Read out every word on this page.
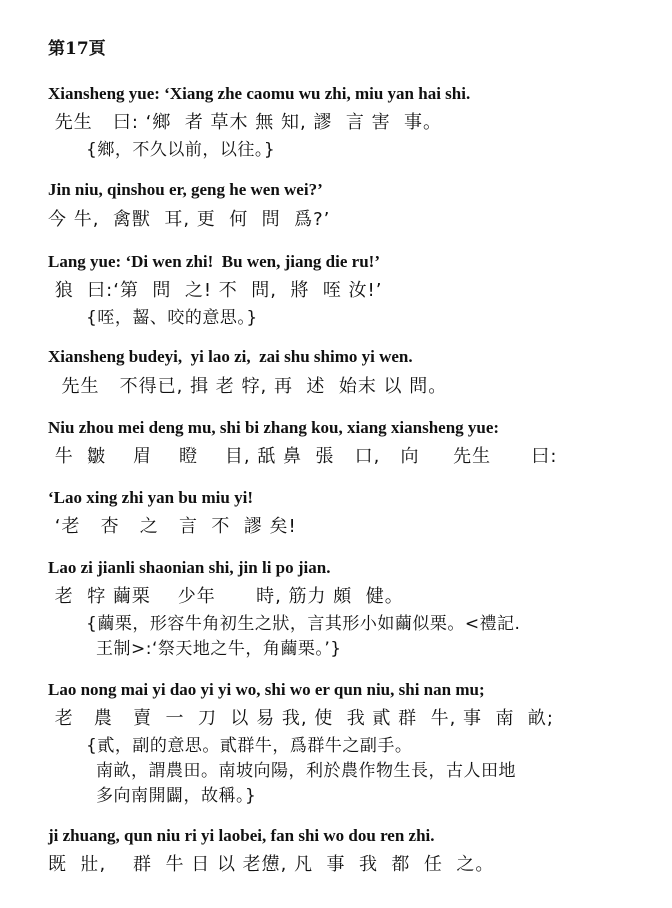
第17頁
Xiansheng yue: ‘Xiang zhe caomu wu zhi, miu yan hai shi.
先生   曰: ‘鄉  者 草木 無 知, 謬  言 害  事。
{鄉，不久以前，以往。}
Jin niu, qinshou er, geng he wen wei?’
今 牛,  禽獸  耳, 更  何  問  爲?’
Lang yue: ‘Di wen zhi!  Bu wen, jiang die ru!’
狼  曰:‘第  問  之! 不  問,  將  咥 汝!’
{咥，齧、咬的意思。}
Xiansheng budeyi,  yi lao zi,  zai shu shimo yi wen.
先生   不得已, 揖 老 牸, 再  述  始末 以 問。
Niu zhou mei deng mu, shi bi zhang kou, xiang xiansheng yue:
牛  皺    眉    瞪    目, 舐 鼻  張   口,   向     先生      曰:
‘Lao xing zhi yan bu miu yi!
‘老   杏   之   言  不  謬 矣!
Lao zi jianli shaonian shi, jin li po jian.
老  牸 繭栗    少年      時, 筋力 頗  健。
{繭栗，形容牛角初生之狀，言其形小如繭似栗。<禮記.
王制>:‘祭天地之牛，角繭栗。’}
Lao nong mai yi dao yi yi wo, shi wo er qun niu, shi nan mu;
老   農   賣  一  刀  以 易 我, 使  我 貳 群  牛, 事  南  畝;
{貳，副的意思。貳群牛，爲群牛之副手。
南畝，謂農田。南坡向陽，利於農作物生長，古人田地
多向南開闢，故稱。}
ji zhuang, qun niu ri yi laobei, fan shi wo dou ren zhi.
既  壯,    群  牛 日 以 老憊, 凡  事  我  都  任  之。
